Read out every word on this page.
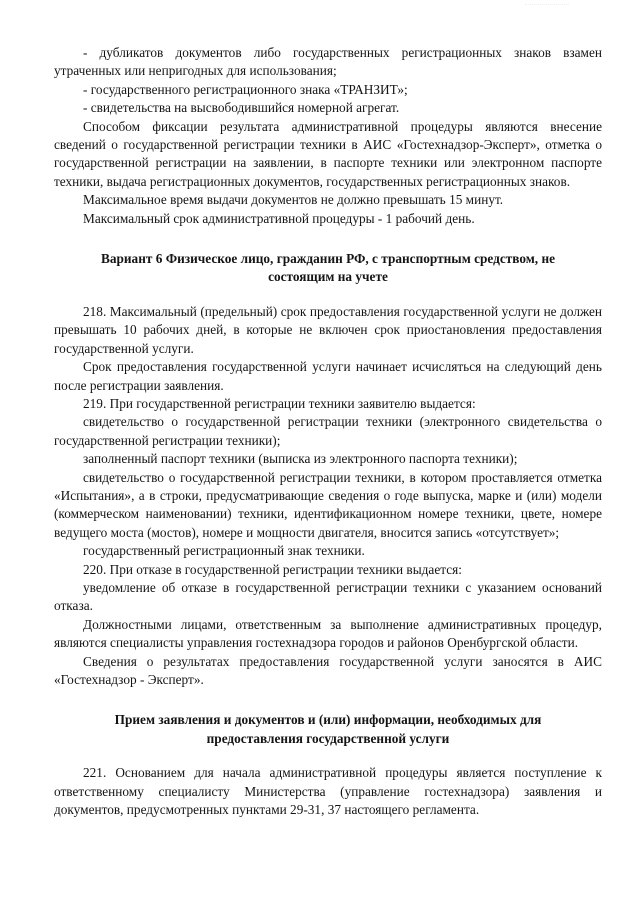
- дубликатов документов либо государственных регистрационных знаков взамен утраченных или непригодных для использования;

- государственного регистрационного знака «ТРАНЗИТ»;

- свидетельства на высвободившийся номерной агрегат.

Способом фиксации результата административной процедуры являются внесение сведений о государственной регистрации техники в АИС «Гостехнадзор-Эксперт», отметка о государственной регистрации на заявлении, в паспорте техники или электронном паспорте техники, выдача регистрационных документов, государственных регистрационных знаков.

Максимальное время выдачи документов не должно превышать 15 минут.

Максимальный срок административной процедуры - 1 рабочий день.

Вариант 6 Физическое лицо, гражданин РФ, с транспортным средством, не состоящим на учете

218. Максимальный (предельный) срок предоставления государственной услуги не должен превышать 10 рабочих дней, в которые не включен срок приостановления предоставления государственной услуги.

Срок предоставления государственной услуги начинает исчисляться на следующий день после регистрации заявления.

219. При государственной регистрации техники заявителю выдается:

свидетельство о государственной регистрации техники (электронного свидетельства о государственной регистрации техники);

заполненный паспорт техники (выписка из электронного паспорта техники);

свидетельство о государственной регистрации техники, в котором проставляется отметка «Испытания», а в строки, предусматривающие сведения о годе выпуска, марке и (или) модели (коммерческом наименовании) техники, идентификационном номере техники, цвете, номере ведущего моста (мостов), номере и мощности двигателя, вносится запись «отсутствует»;

государственный регистрационный знак техники.

220. При отказе в государственной регистрации техники выдается:

уведомление об отказе в государственной регистрации техники с указанием оснований отказа.

Должностными лицами, ответственным за выполнение административных процедур, являются специалисты управления гостехнадзора городов и районов Оренбургской области.

Сведения о результатах предоставления государственной услуги заносятся в АИС «Гостехнадзор - Эксперт».

Прием заявления и документов и (или) информации, необходимых для предоставления государственной услуги

221. Основанием для начала административной процедуры является поступление к ответственному специалисту Министерства (управление гостехнадзора) заявления и документов, предусмотренных пунктами 29-31, 37 настоящего регламента.
